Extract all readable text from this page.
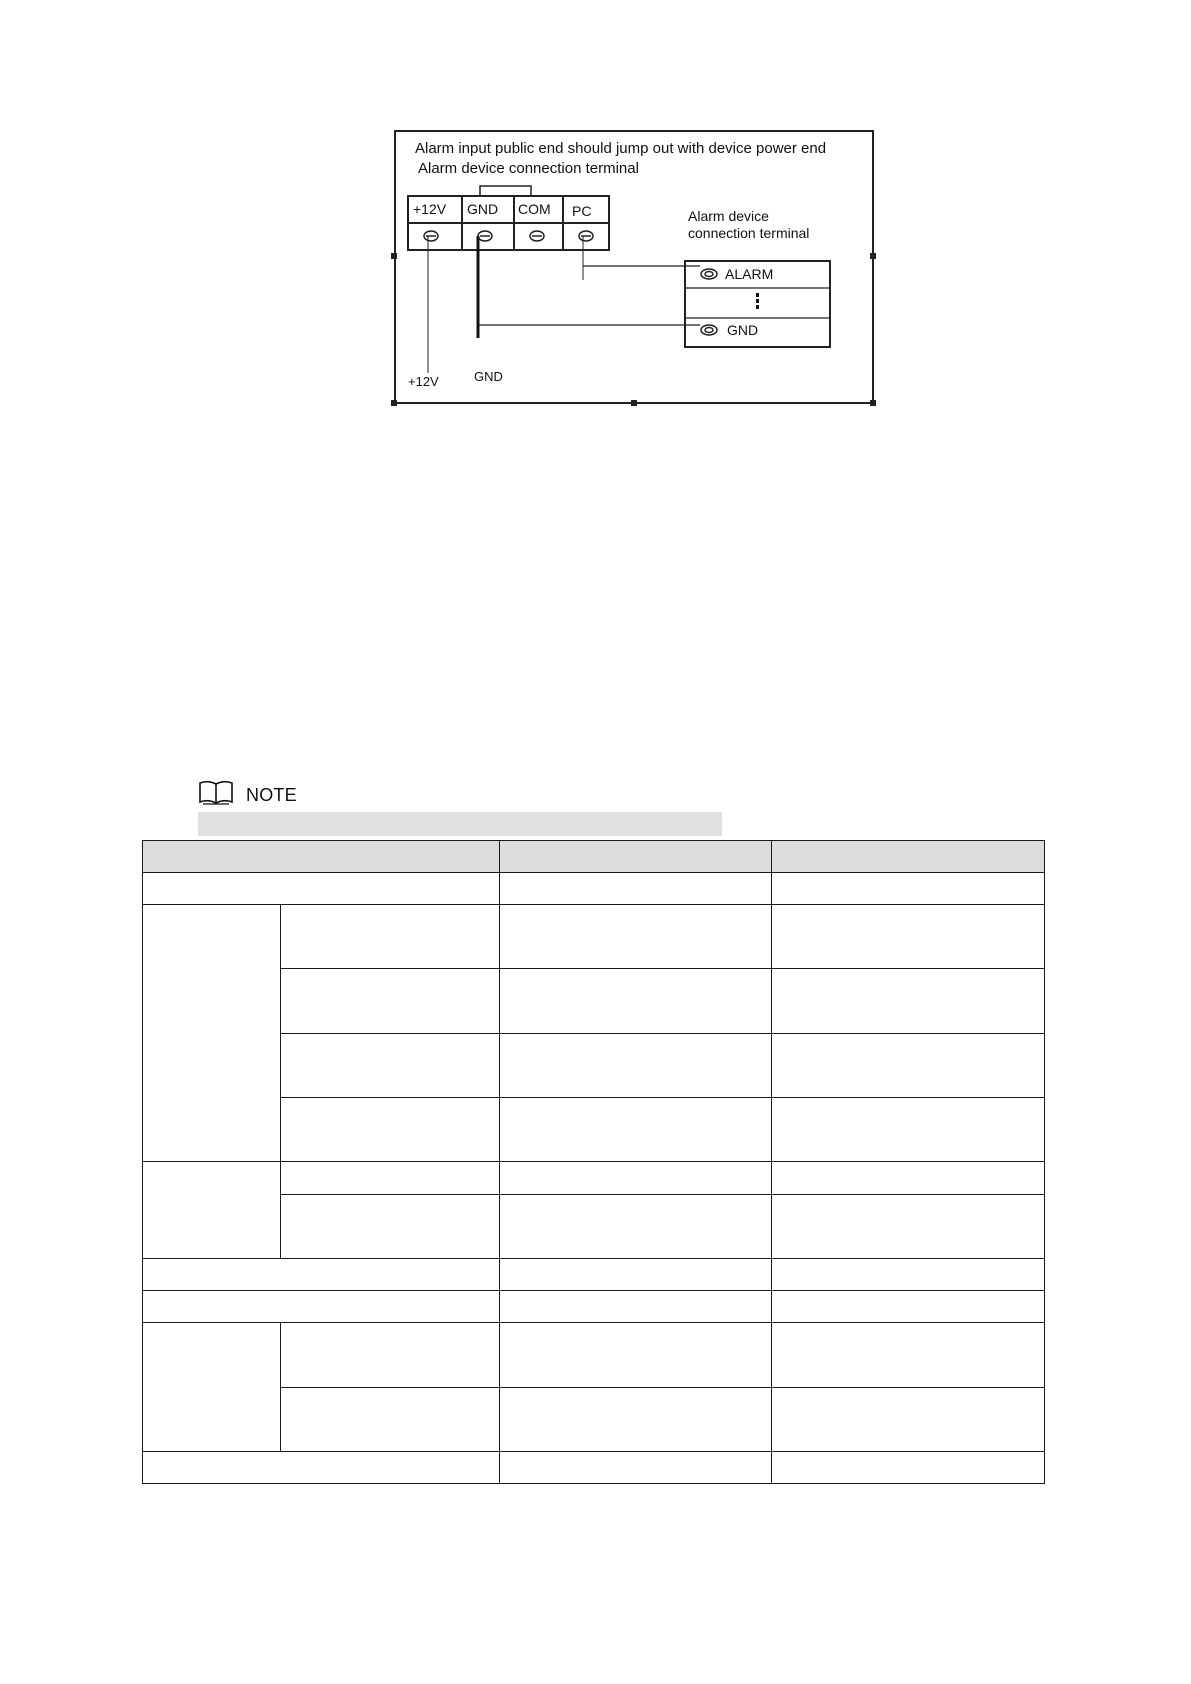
Alarm input public end should jump out with device power end
Alarm device connection terminal
+12V GND COM PC	Alarm device
connection terminal
ALARM
GND
GND
+12V
NOTE
